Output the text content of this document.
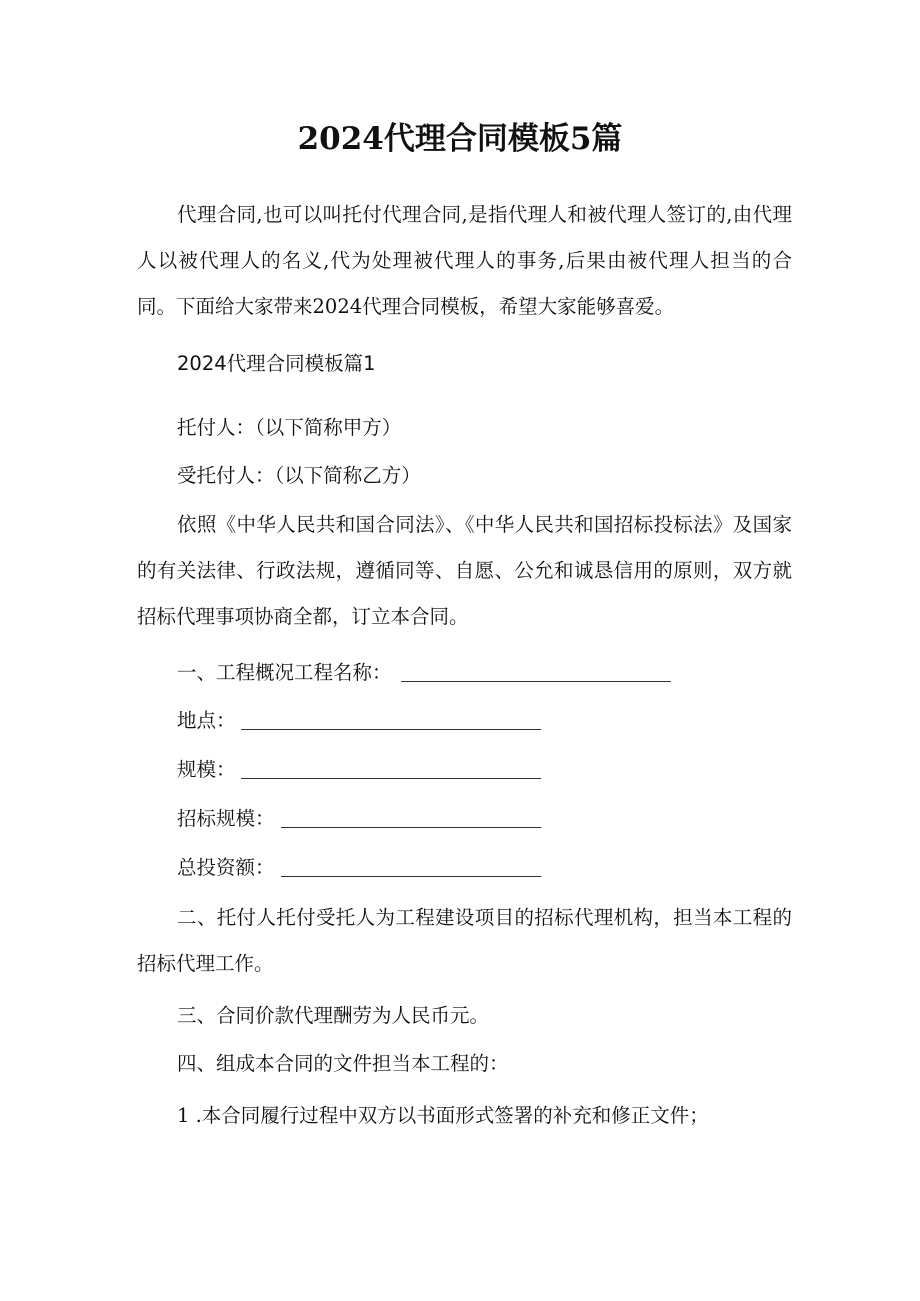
2024代理合同模板5篇

代理合同,也可以叫托付代理合同,是指代理人和被代理人签订的,由代理人以被代理人的名义,代为处理被代理人的事务,后果由被代理人担当的合同。下面给大家带来2024代理合同模板，希望大家能够喜爱。

2024代理合同模板篇1
托付人：（以下简称甲方）
受托付人：（以下简称乙方）

依照《中华人民共和国合同法》、《中华人民共和国招标投标法》及国家的有关法律、行政法规，遵循同等、自愿、公允和诚恳信用的原则，双方就招标代理事项协商全都，订立本合同。

一、工程概况工程名称：
地点：
规模：
招标规模：
总投资额：

二、托付人托付受托人为工程建设项目的招标代理机构，担当本工程的招标代理工作。

三、合同价款代理酬劳为人民币元。
四、组成本合同的文件担当本工程的：
1 .本合同履行过程中双方以书面形式签署的补充和修正文件；
